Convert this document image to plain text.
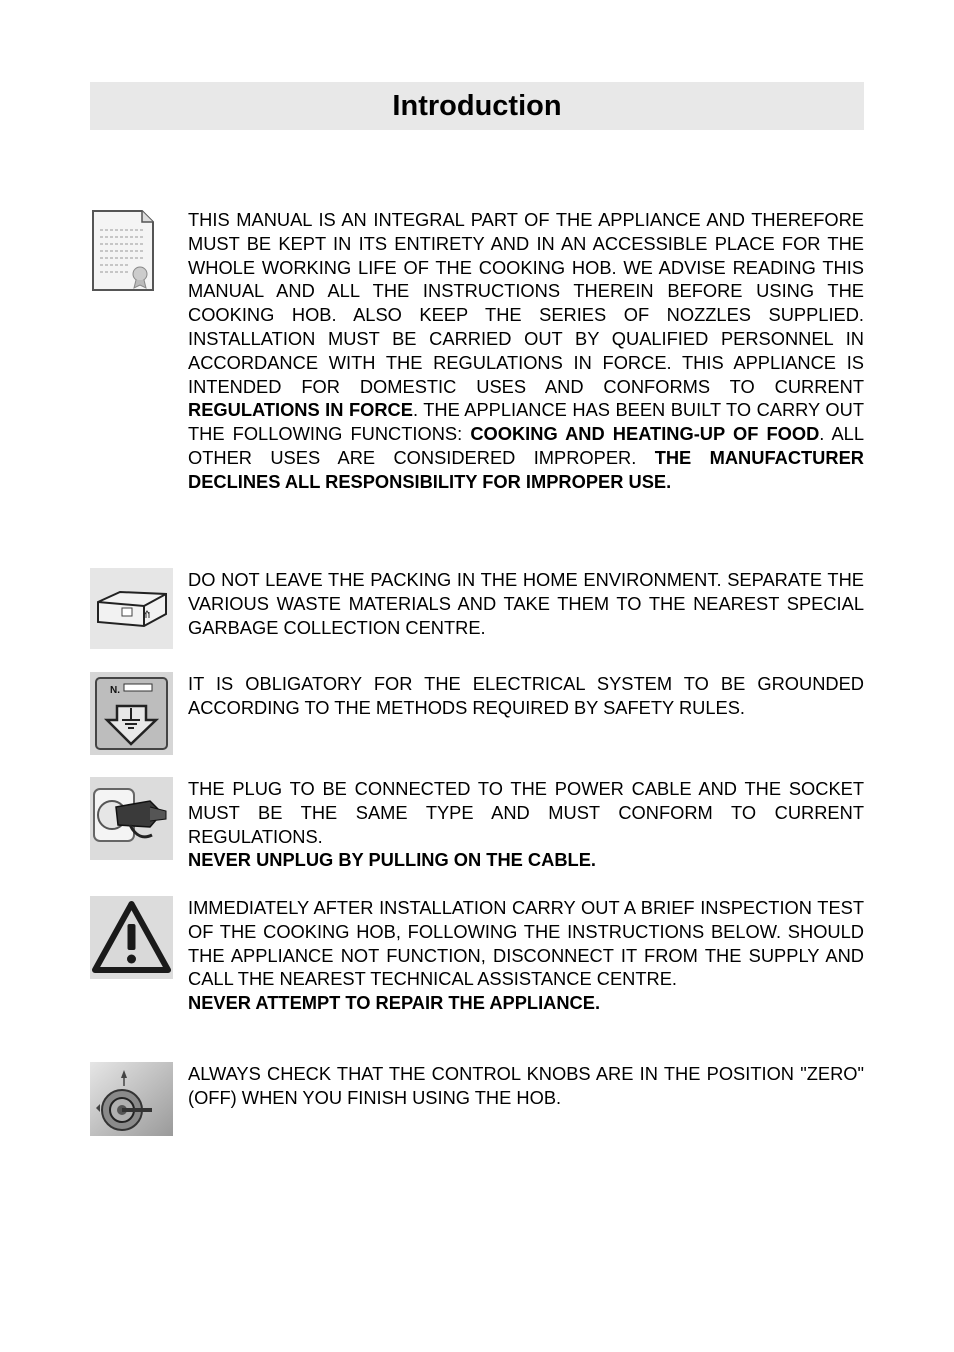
Introduction

THIS MANUAL IS AN INTEGRAL PART OF THE APPLIANCE AND THEREFORE MUST BE KEPT IN ITS ENTIRETY AND IN AN ACCESSIBLE PLACE FOR THE WHOLE WORKING LIFE OF THE COOKING HOB. WE ADVISE READING THIS MANUAL AND ALL THE INSTRUCTIONS THEREIN BEFORE USING THE COOKING HOB. ALSO KEEP THE SERIES OF NOZZLES SUPPLIED. INSTALLATION MUST BE CARRIED OUT BY QUALIFIED PERSONNEL IN ACCORDANCE WITH THE REGULATIONS IN FORCE. THIS APPLIANCE IS INTENDED FOR DOMESTIC USES AND CONFORMS TO CURRENT REGULATIONS IN FORCE. THE APPLIANCE HAS BEEN BUILT TO CARRY OUT THE FOLLOWING FUNCTIONS: COOKING AND HEATING-UP OF FOOD. ALL OTHER USES ARE CONSIDERED IMPROPER. THE MANUFACTURER DECLINES ALL RESPONSIBILITY FOR IMPROPER USE.

DO NOT LEAVE THE PACKING IN THE HOME ENVIRONMENT. SEPARATE THE VARIOUS WASTE MATERIALS AND TAKE THEM TO THE NEAREST SPECIAL GARBAGE COLLECTION CENTRE.

N.	IT IS OBLIGATORY FOR THE ELECTRICAL SYSTEM TO BE GROUNDED ACCORDING TO THE METHODS REQUIRED BY SAFETY RULES.

THE PLUG TO BE CONNECTED TO THE POWER CABLE AND THE SOCKET MUST BE THE SAME TYPE AND MUST CONFORM TO CURRENT REGULATIONS.

NEVER UNPLUG BY PULLING ON THE CABLE.

IMMEDIATELY AFTER INSTALLATION CARRY OUT A BRIEF INSPECTION TEST OF THE COOKING HOB, FOLLOWING THE INSTRUCTIONS BELOW. SHOULD THE APPLIANCE NOT FUNCTION, DISCONNECT IT FROM THE SUPPLY AND CALL THE NEAREST TECHNICAL ASSISTANCE CENTRE.

NEVER ATTEMPT TO REPAIR THE APPLIANCE.

ALWAYS CHECK THAT THE CONTROL KNOBS ARE IN THE POSITION "ZERO" (OFF) WHEN YOU FINISH USING THE HOB.
